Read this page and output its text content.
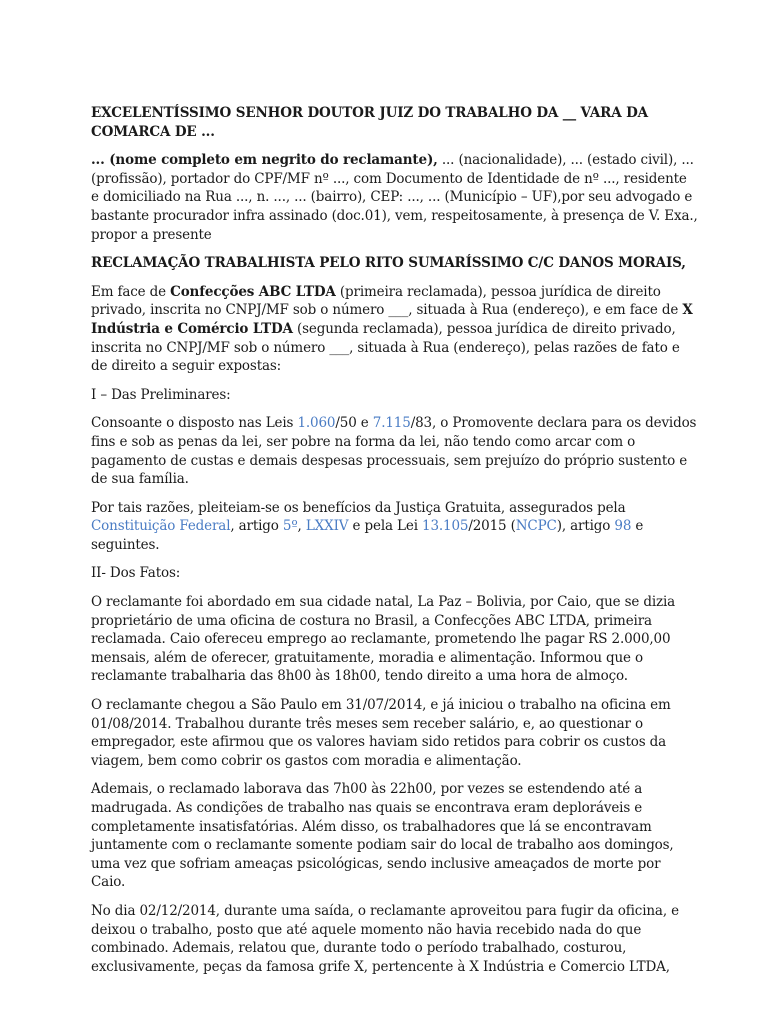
EXCELENTÍSSIMO SENHOR DOUTOR JUIZ DO TRABALHO DA __ VARA DA COMARCA DE ...

... (nome completo em negrito do reclamante), ... (nacionalidade), ... (estado civil), ... (profissão), portador do CPF/MF nº ..., com Documento de Identidade de nº ..., residente e domiciliado na Rua ..., n. ..., ... (bairro), CEP: ..., ... (Município – UF),por seu advogado e bastante procurador infra assinado (doc.01), vem, respeitosamente, à presença de V. Exa., propor a presente

RECLAMAÇÃO TRABALHISTA PELO RITO SUMARÍSSIMO C/C DANOS MORAIS,

Em face de Confecções ABC LTDA (primeira reclamada), pessoa jurídica de direito privado, inscrita no CNPJ/MF sob o número ___, situada à Rua (endereço), e em face de X Indústria e Comércio LTDA (segunda reclamada), pessoa jurídica de direito privado, inscrita no CNPJ/MF sob o número ___, situada à Rua (endereço), pelas razões de fato e de direito a seguir expostas:

I – Das Preliminares:

Consoante o disposto nas Leis 1.060/50 e 7.115/83, o Promovente declara para os devidos fins e sob as penas da lei, ser pobre na forma da lei, não tendo como arcar com o pagamento de custas e demais despesas processuais, sem prejuízo do próprio sustento e de sua família.

Por tais razões, pleiteiam-se os benefícios da Justiça Gratuita, assegurados pela Constituição Federal, artigo 5º, LXXIV e pela Lei 13.105/2015 (NCPC), artigo 98 e seguintes.

II- Dos Fatos:

O reclamante foi abordado em sua cidade natal, La Paz – Bolivia, por Caio, que se dizia proprietário de uma oficina de costura no Brasil, a Confecções ABC LTDA, primeira reclamada. Caio ofereceu emprego ao reclamante, prometendo lhe pagar RS 2.000,00 mensais, além de oferecer, gratuitamente, moradia e alimentação. Informou que o reclamante trabalharia das 8h00 às 18h00, tendo direito a uma hora de almoço.

O reclamante chegou a São Paulo em 31/07/2014, e já iniciou o trabalho na oficina em 01/08/2014. Trabalhou durante três meses sem receber salário, e, ao questionar o empregador, este afirmou que os valores haviam sido retidos para cobrir os custos da viagem, bem como cobrir os gastos com moradia e alimentação.

Ademais, o reclamado laborava das 7h00 às 22h00, por vezes se estendendo até a madrugada. As condições de trabalho nas quais se encontrava eram deploráveis e completamente insatisfatórias. Além disso, os trabalhadores que lá se encontravam juntamente com o reclamante somente podiam sair do local de trabalho aos domingos, uma vez que sofriam ameaças psicológicas, sendo inclusive ameaçados de morte por Caio.

No dia 02/12/2014, durante uma saída, o reclamante aproveitou para fugir da oficina, e deixou o trabalho, posto que até aquele momento não havia recebido nada do que combinado. Ademais, relatou que, durante todo o período trabalhado, costurou, exclusivamente, peças da famosa grife X, pertencente à X Indústria e Comercio LTDA,
